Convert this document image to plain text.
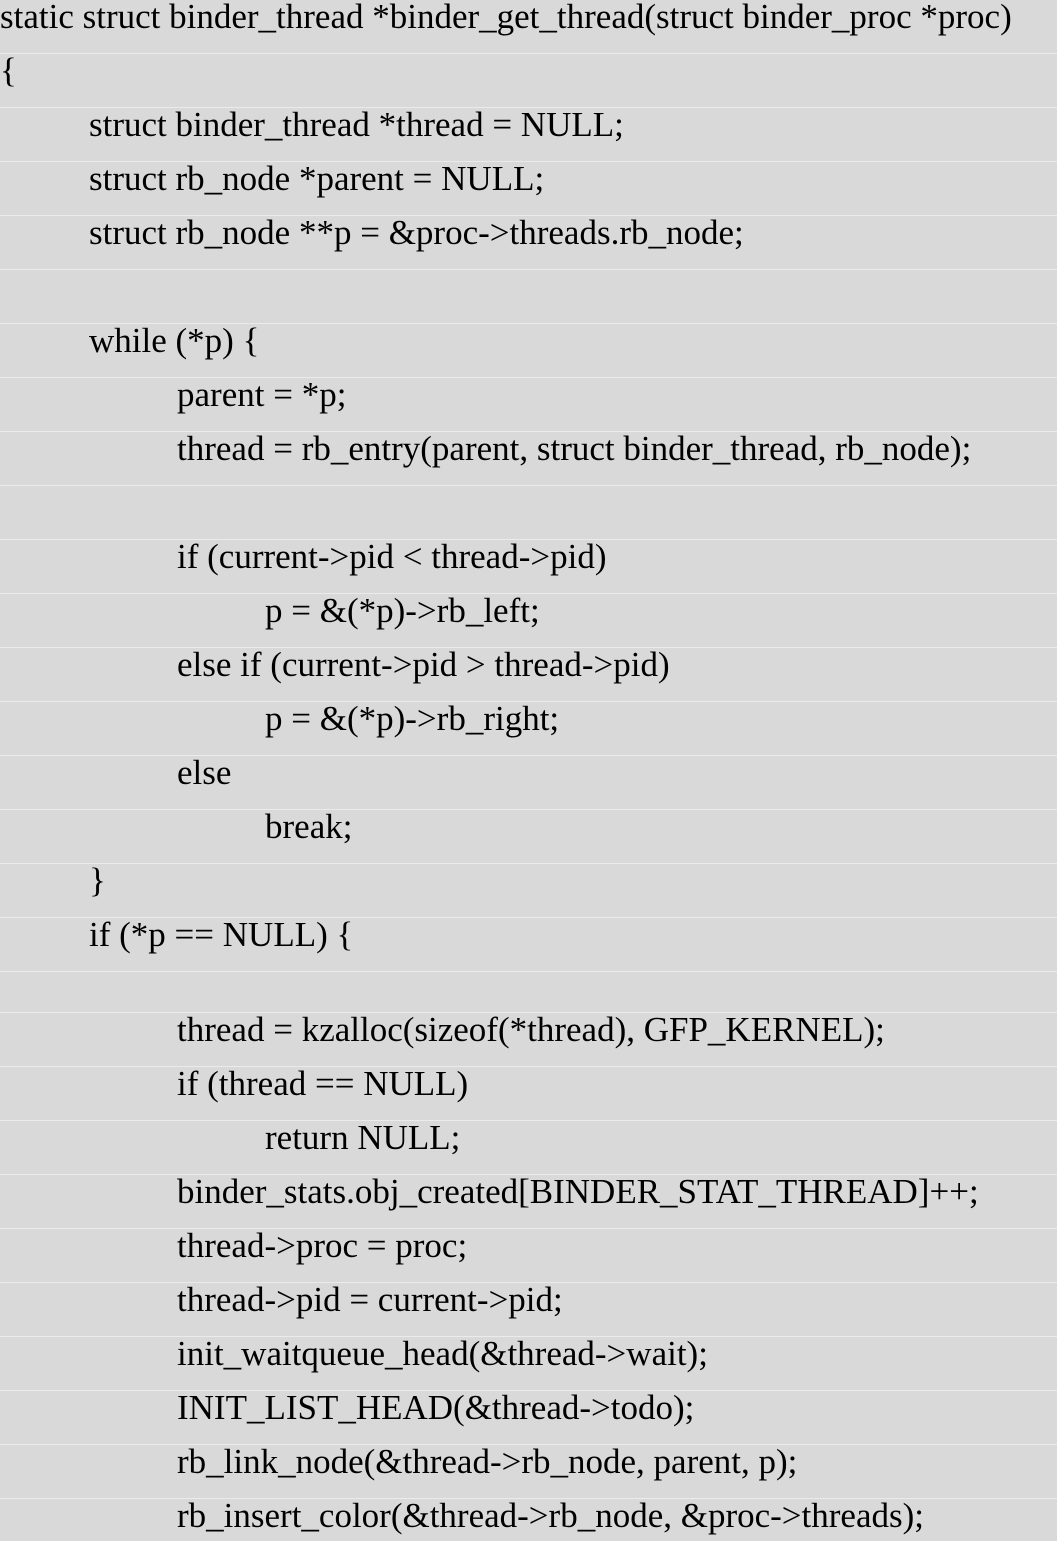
static struct binder_thread *binder_get_thread(struct binder_proc *proc)
{
struct binder_thread *thread = NULL;
struct rb_node *parent = NULL;
struct rb_node **p = &proc->threads.rb_node;
while (*p) {
parent = *p;
thread = rb_entry(parent, struct binder_thread, rb_node);
if (current->pid < thread->pid)
p = &(*p)->rb_left;
else if (current->pid > thread->pid)
p = &(*p)->rb_right;
else
break;
}
if (*p == NULL) {
thread = kzalloc(sizeof(*thread), GFP_KERNEL);
if (thread == NULL)
return NULL;
binder_stats.obj_created[BINDER_STAT_THREAD]++;
thread->proc = proc;
thread->pid = current->pid;
init_waitqueue_head(&thread->wait);
INIT_LIST_HEAD(&thread->todo);
rb_link_node(&thread->rb_node, parent, p);
rb_insert_color(&thread->rb_node, &proc->threads);
